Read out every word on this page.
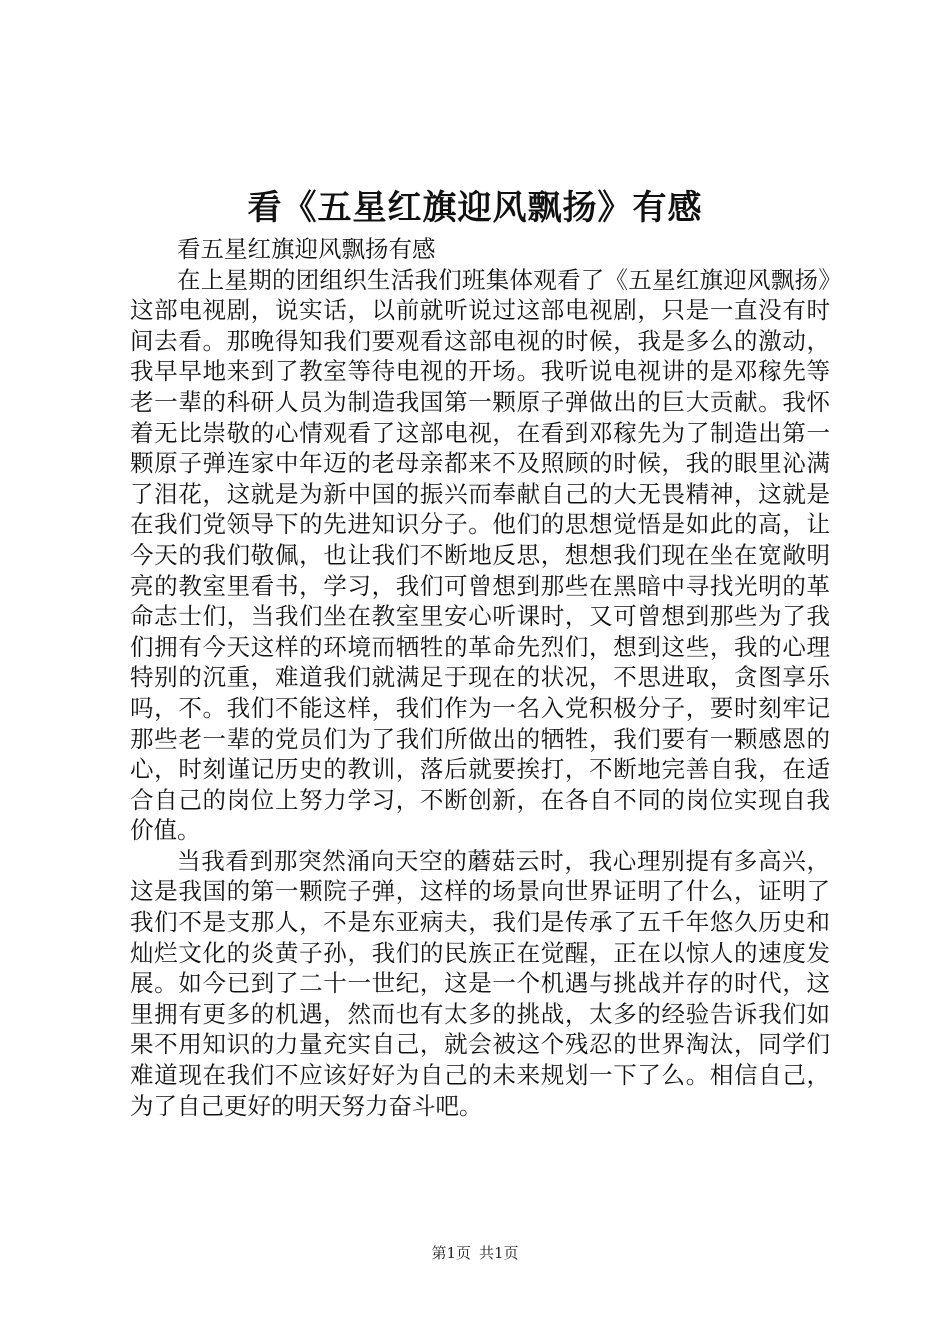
看《五星红旗迎风飘扬》有感

看五星红旗迎风飘扬有感

在上星期的团组织生活我们班集体观看了《五星红旗迎风飘扬》这部电视剧，说实话，以前就听说过这部电视剧，只是一直没有时间去看。那晚得知我们要观看这部电视的时候，我是多么的激动，我早早地来到了教室等待电视的开场。我听说电视讲的是邓稼先等老一辈的科研人员为制造我国第一颗原子弹做出的巨大贡献。我怀着无比崇敬的心情观看了这部电视，在看到邓稼先为了制造出第一颗原子弹连家中年迈的老母亲都来不及照顾的时候，我的眼里沁满了泪花，这就是为新中国的振兴而奉献自己的大无畏精神，这就是在我们党领导下的先进知识分子。他们的思想觉悟是如此的高，让今天的我们敬佩，也让我们不断地反思，想想我们现在坐在宽敞明亮的教室里看书，学习，我们可曾想到那些在黑暗中寻找光明的革命志士们，当我们坐在教室里安心听课时，又可曾想到那些为了我们拥有今天这样的环境而牺牲的革命先烈们，想到这些，我的心理特别的沉重，难道我们就满足于现在的状况，不思进取，贪图享乐吗，不。我们不能这样，我们作为一名入党积极分子，要时刻牢记那些老一辈的党员们为了我们所做出的牺牲，我们要有一颗感恩的心，时刻谨记历史的教训，落后就要挨打，不断地完善自我，在适合自己的岗位上努力学习，不断创新，在各自不同的岗位实现自我价值。

当我看到那突然涌向天空的蘑菇云时，我心理别提有多高兴，这是我国的第一颗院子弹，这样的场景向世界证明了什么，证明了我们不是支那人，不是东亚病夫，我们是传承了五千年悠久历史和灿烂文化的炎黄子孙，我们的民族正在觉醒，正在以惊人的速度发展。如今已到了二十一世纪，这是一个机遇与挑战并存的时代，这里拥有更多的机遇，然而也有太多的挑战，太多的经验告诉我们如果不用知识的力量充实自己，就会被这个残忍的世界淘汰，同学们难道现在我们不应该好好为自己的未来规划一下了么。相信自己，为了自己更好的明天努力奋斗吧。

第1页 共1页
